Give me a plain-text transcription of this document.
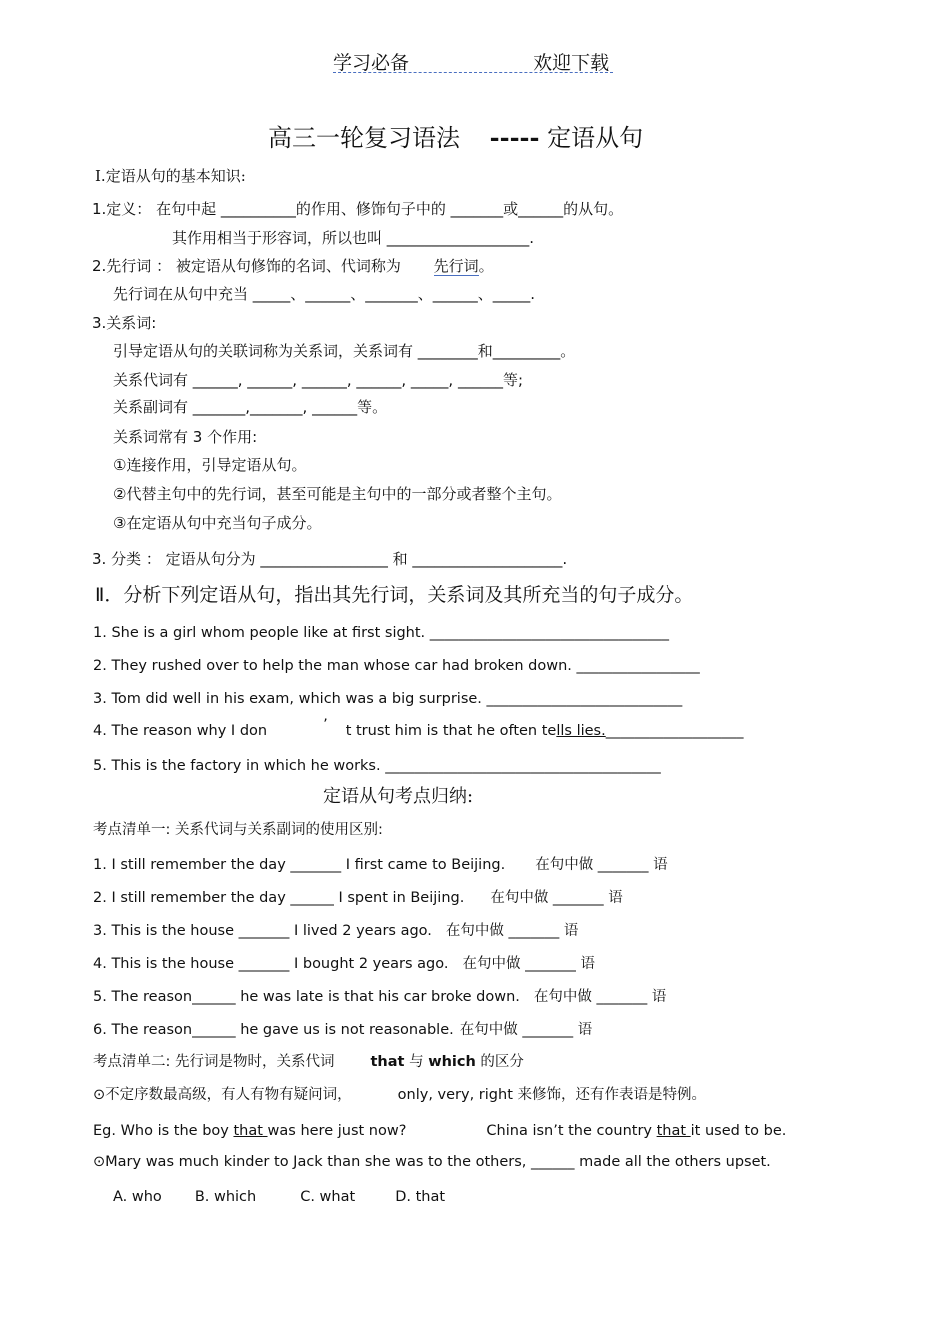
学习必备	欢迎下载
高三一轮复习语法 ----- 定语从句
Ⅰ.定语从句的基本知识:
1.定义： 在句中起 __________的作用、修饰句子中的 _______或______的从句。
其作用相当于形容词，所以也叫 ___________________.
2.先行词 ： 被定语从句修饰的名词、代词称为 先行词。
先行词在从句中充当 _____、______、_______、______、_____.
3.关系词:
引导定语从句的关联词称为关系词，关系词有 ________和_________。
关系代词有 ______, ______, ______, ______, _____, ______等;
关系副词有 _______,_______, ______等。
关系词常有 3 个作用:
①连接作用，引导定语从句。
②代替主句中的先行词，甚至可能是主句中的一部分或者整个主句。
③在定语从句中充当句子成分。
3. 分类 ： 定语从句分为 _________________ 和 ____________________.
Ⅱ．分析下列定语从句，指出其先行词，关系词及其所充当的句子成分。
1. She is a girl whom people like at first sight. _________________________________
2. They rushed over to help the man whose car had broken down. _________________
3. Tom did well in his exam, which was a big surprise. ___________________________
4. The reason why I don	’ t trust him is that he often tells lies.___________________
5. This is the factory in which he works. ______________________________________
定语从句考点归纳:
考点清单一: 关系代词与关系副词的使用区别:
1. I still remember the day _______ I first came to Beijing. 在句中做 _______ 语
2. I still remember the day ______ I spent in Beijing. 在句中做 _______ 语
3. This is the house _______ I lived 2 years ago. 在句中做 _______ 语
4. This is the house _______ I bought 2 years ago. 在句中做 _______ 语
5. The reason______ he was late is that his car broke down. 在句中做 _______ 语
6. The reason______ he gave us is not reasonable. 在句中做 _______ 语
考点清单二: 先行词是物时，关系代词 that 与 which 的区分
⊙不定序数最高级，有人有物有疑问词，	only, very, right 来修饰，还有作表语是特例。
Eg. Who is the boy that was here just now?	China isn’t the country that it used to be.
⊙Mary was much kinder to Jack than she was to the others, ______ made all the others upset.
A. who B. which	C. what	D. that
